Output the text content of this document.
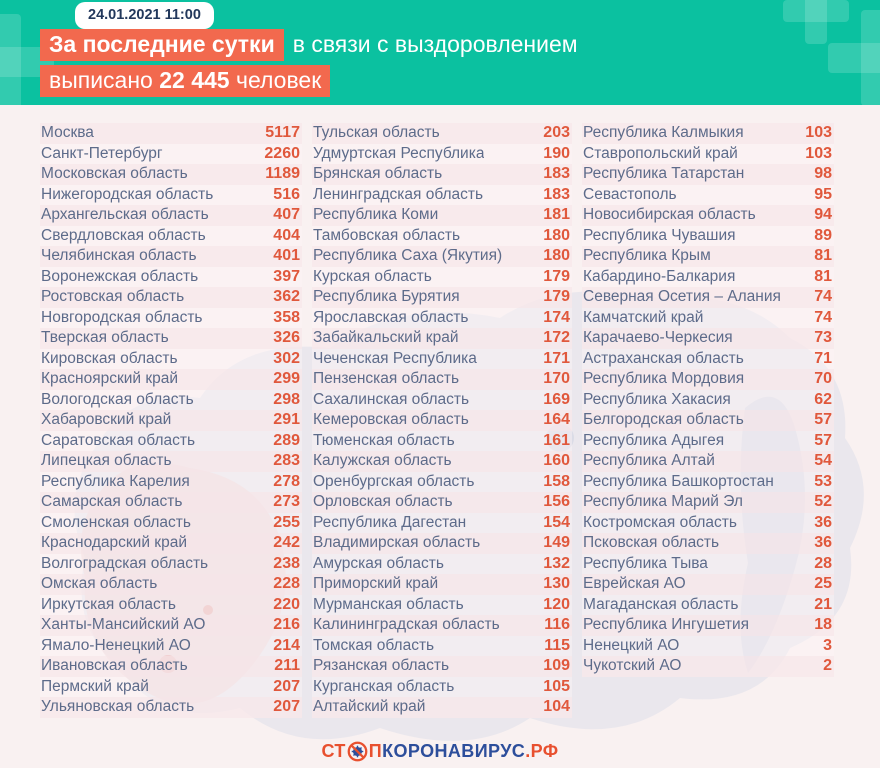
24.01.2021 11:00
За последние сутки в связи с выздоровлением
выписано 22 445 человек
Москва	5117
Санкт-Петербург	2260
Московская область	1189
Нижегородская область	516
Архангельская область	407
Свердловская область	404
Челябинская область	401
Воронежская область	397
Ростовская область	362
Новгородская область	358
Тверская область	326
Кировская область	302
Красноярский край	299
Вологодская область	298
Хабаровский край	291
Саратовская область	289
Липецкая область	283
Республика Карелия	278
Самарская область	273
Смоленская область	255
Краснодарский край	242
Волгоградская область	238
Омская область	228
Иркутская область	220
Ханты-Мансийский АО	216
Ямало-Ненецкий АО	214
Ивановская область	211
Пермский край	207
Ульяновская область	207
Тульская область	203
Удмуртская Республика	190
Брянская область	183
Ленинградская область	183
Республика Коми	181
Тамбовская область	180
Республика Саха (Якутия)	180
Курская область	179
Республика Бурятия	179
Ярославская область	174
Забайкальский край	172
Чеченская Республика	171
Пензенская область	170
Сахалинская область	169
Кемеровская область	164
Тюменская область	161
Калужская область	160
Оренбургская область	158
Орловская область	156
Республика Дагестан	154
Владимирская область	149
Амурская область	132
Приморский край	130
Мурманская область	120
Калининградская область	116
Томская область	115
Рязанская область	109
Курганская область	105
Алтайский край	104
Республика Калмыкия	103
Ставропольский край	103
Республика Татарстан	98
Севастополь	95
Новосибирская область	94
Республика Чувашия	89
Республика Крым	81
Кабардино-Балкария	81
Северная Осетия – Алания 74
Камчатский край	74
Карачаево-Черкесия	73
Астраханская область	71
Республика Мордовия	70
Республика Хакасия	62
Белгородская область	57
Республика Адыгея	57
Республика Алтай	54
Республика Башкортостан	53
Республика Марий Эл	52
Костромская область	36
Псковская область	36
Республика Тыва	28
Еврейская АО	25
Магаданская область	21
Республика Ингушетия	18
Ненецкий АО	3
Чукотский АО	2
СТ П КОРОНАВИРУС .РФ
